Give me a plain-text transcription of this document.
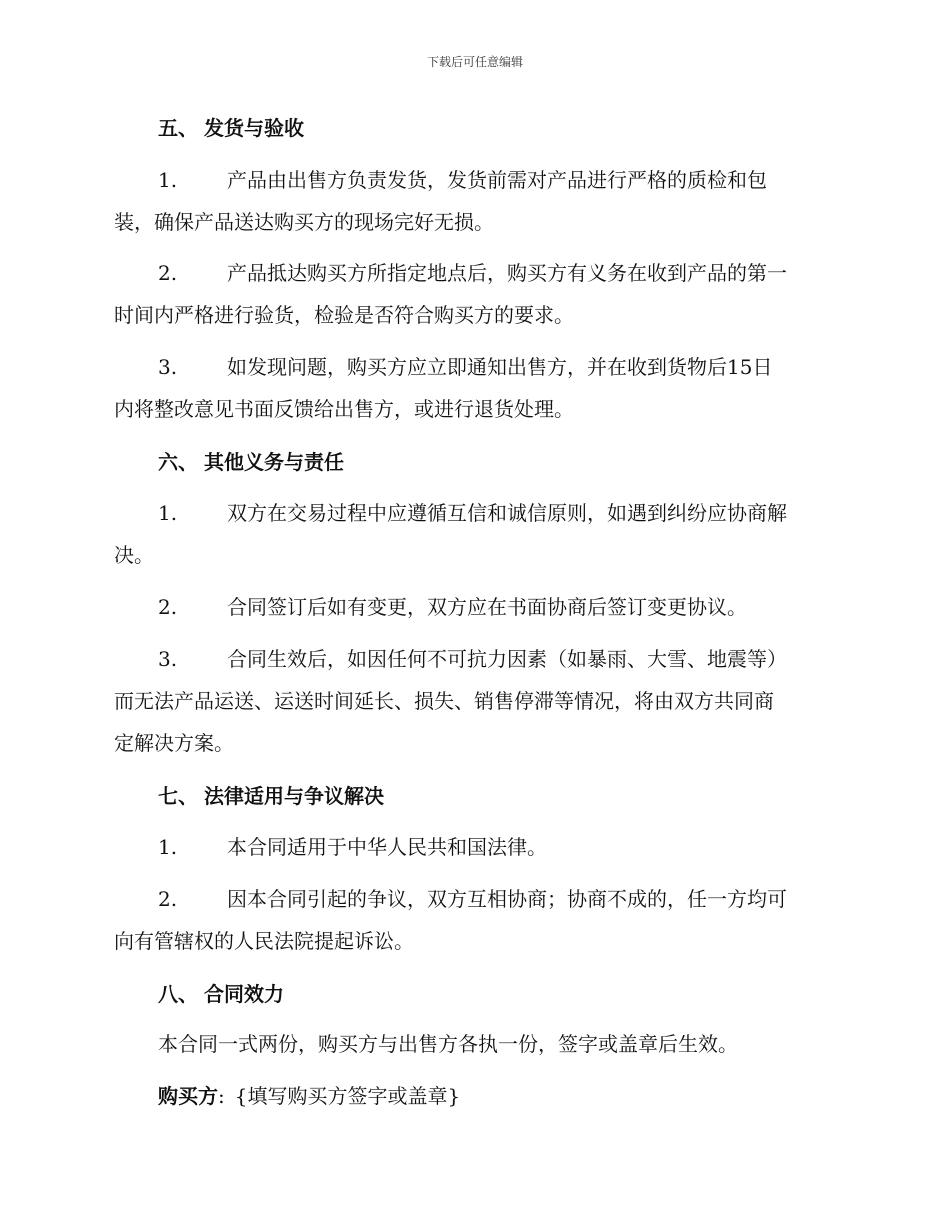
下载后可任意编辑
五、 发货与验收
1. 产品由出售方负责发货，发货前需对产品进行严格的质检和包
装，确保产品送达购买方的现场完好无损。
2. 产品抵达购买方所指定地点后，购买方有义务在收到产品的第一
时间内严格进行验货，检验是否符合购买方的要求。
3. 如发现问题，购买方应立即通知出售方，并在收到货物后15日
内将整改意见书面反馈给出售方，或进行退货处理。
六、 其他义务与责任
1. 双方在交易过程中应遵循互信和诚信原则，如遇到纠纷应协商解
决。
2. 合同签订后如有变更，双方应在书面协商后签订变更协议。
3. 合同生效后，如因任何不可抗力因素（如暴雨、大雪、地震等）
而无法产品运送、运送时间延长、损失、销售停滞等情况，将由双方共同商
定解决方案。
七、 法律适用与争议解决
1. 本合同适用于中华人民共和国法律。
2. 因本合同引起的争议，双方互相协商；协商不成的，任一方均可
向有管辖权的人民法院提起诉讼。
八、 合同效力
本合同一式两份，购买方与出售方各执一份，签字或盖章后生效。
购买方: {填写购买方签字或盖章}
